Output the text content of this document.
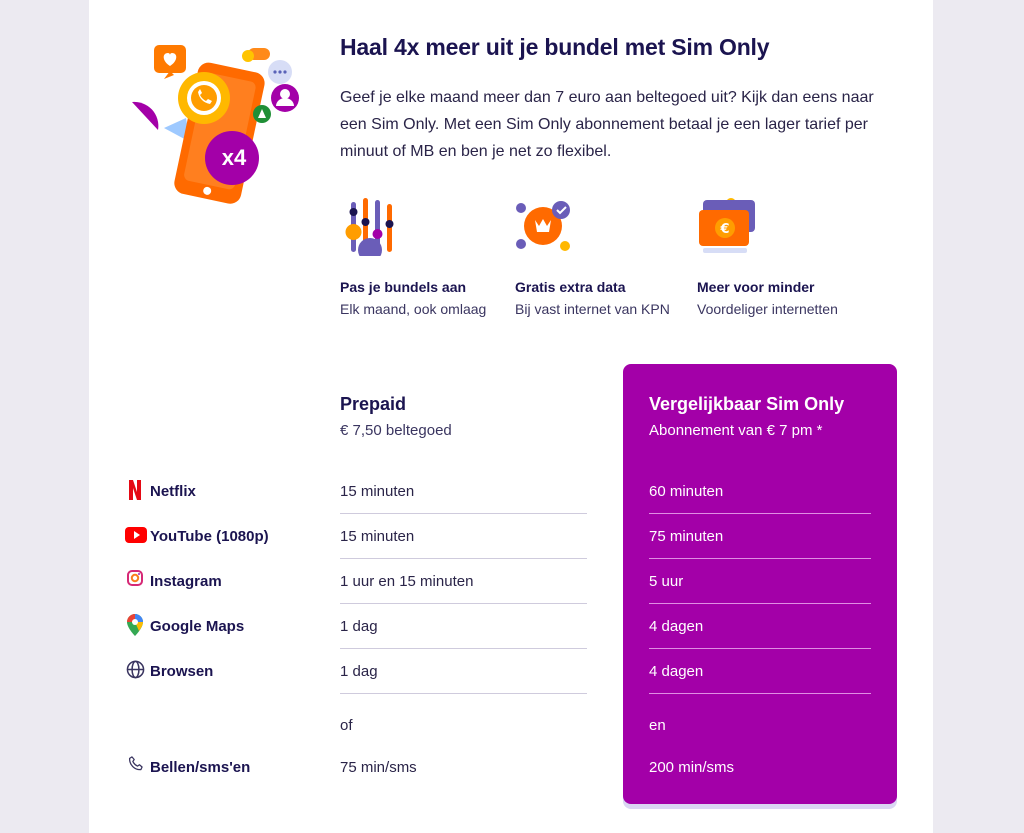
x4
Haal 4x meer uit je bundel met Sim Only
Geef je elke maand meer dan 7 euro aan beltegoed uit? Kijk dan eens naar een Sim Only. Met een Sim Only abonnement betaal je een lager tarief per minuut of MB en ben je net zo flexibel.
Pas je bundels aan
Elk maand, ook omlaag
Gratis extra data
Bij vast internet van KPN
€
Meer voor minder
Voordeliger internetten
Prepaid
€ 7,50 beltegoed
Vergelijkbaar Sim Only
Abonnement van € 7 pm *
Netflix
YouTube (1080p)
Instagram
Google Maps
Browsen
Bellen/sms'en
15 minuten
15 minuten
1 uur en 15 minuten
1 dag
1 dag
of
75 min/sms
60 minuten
75 minuten
5 uur
4 dagen
4 dagen
en
200 min/sms
